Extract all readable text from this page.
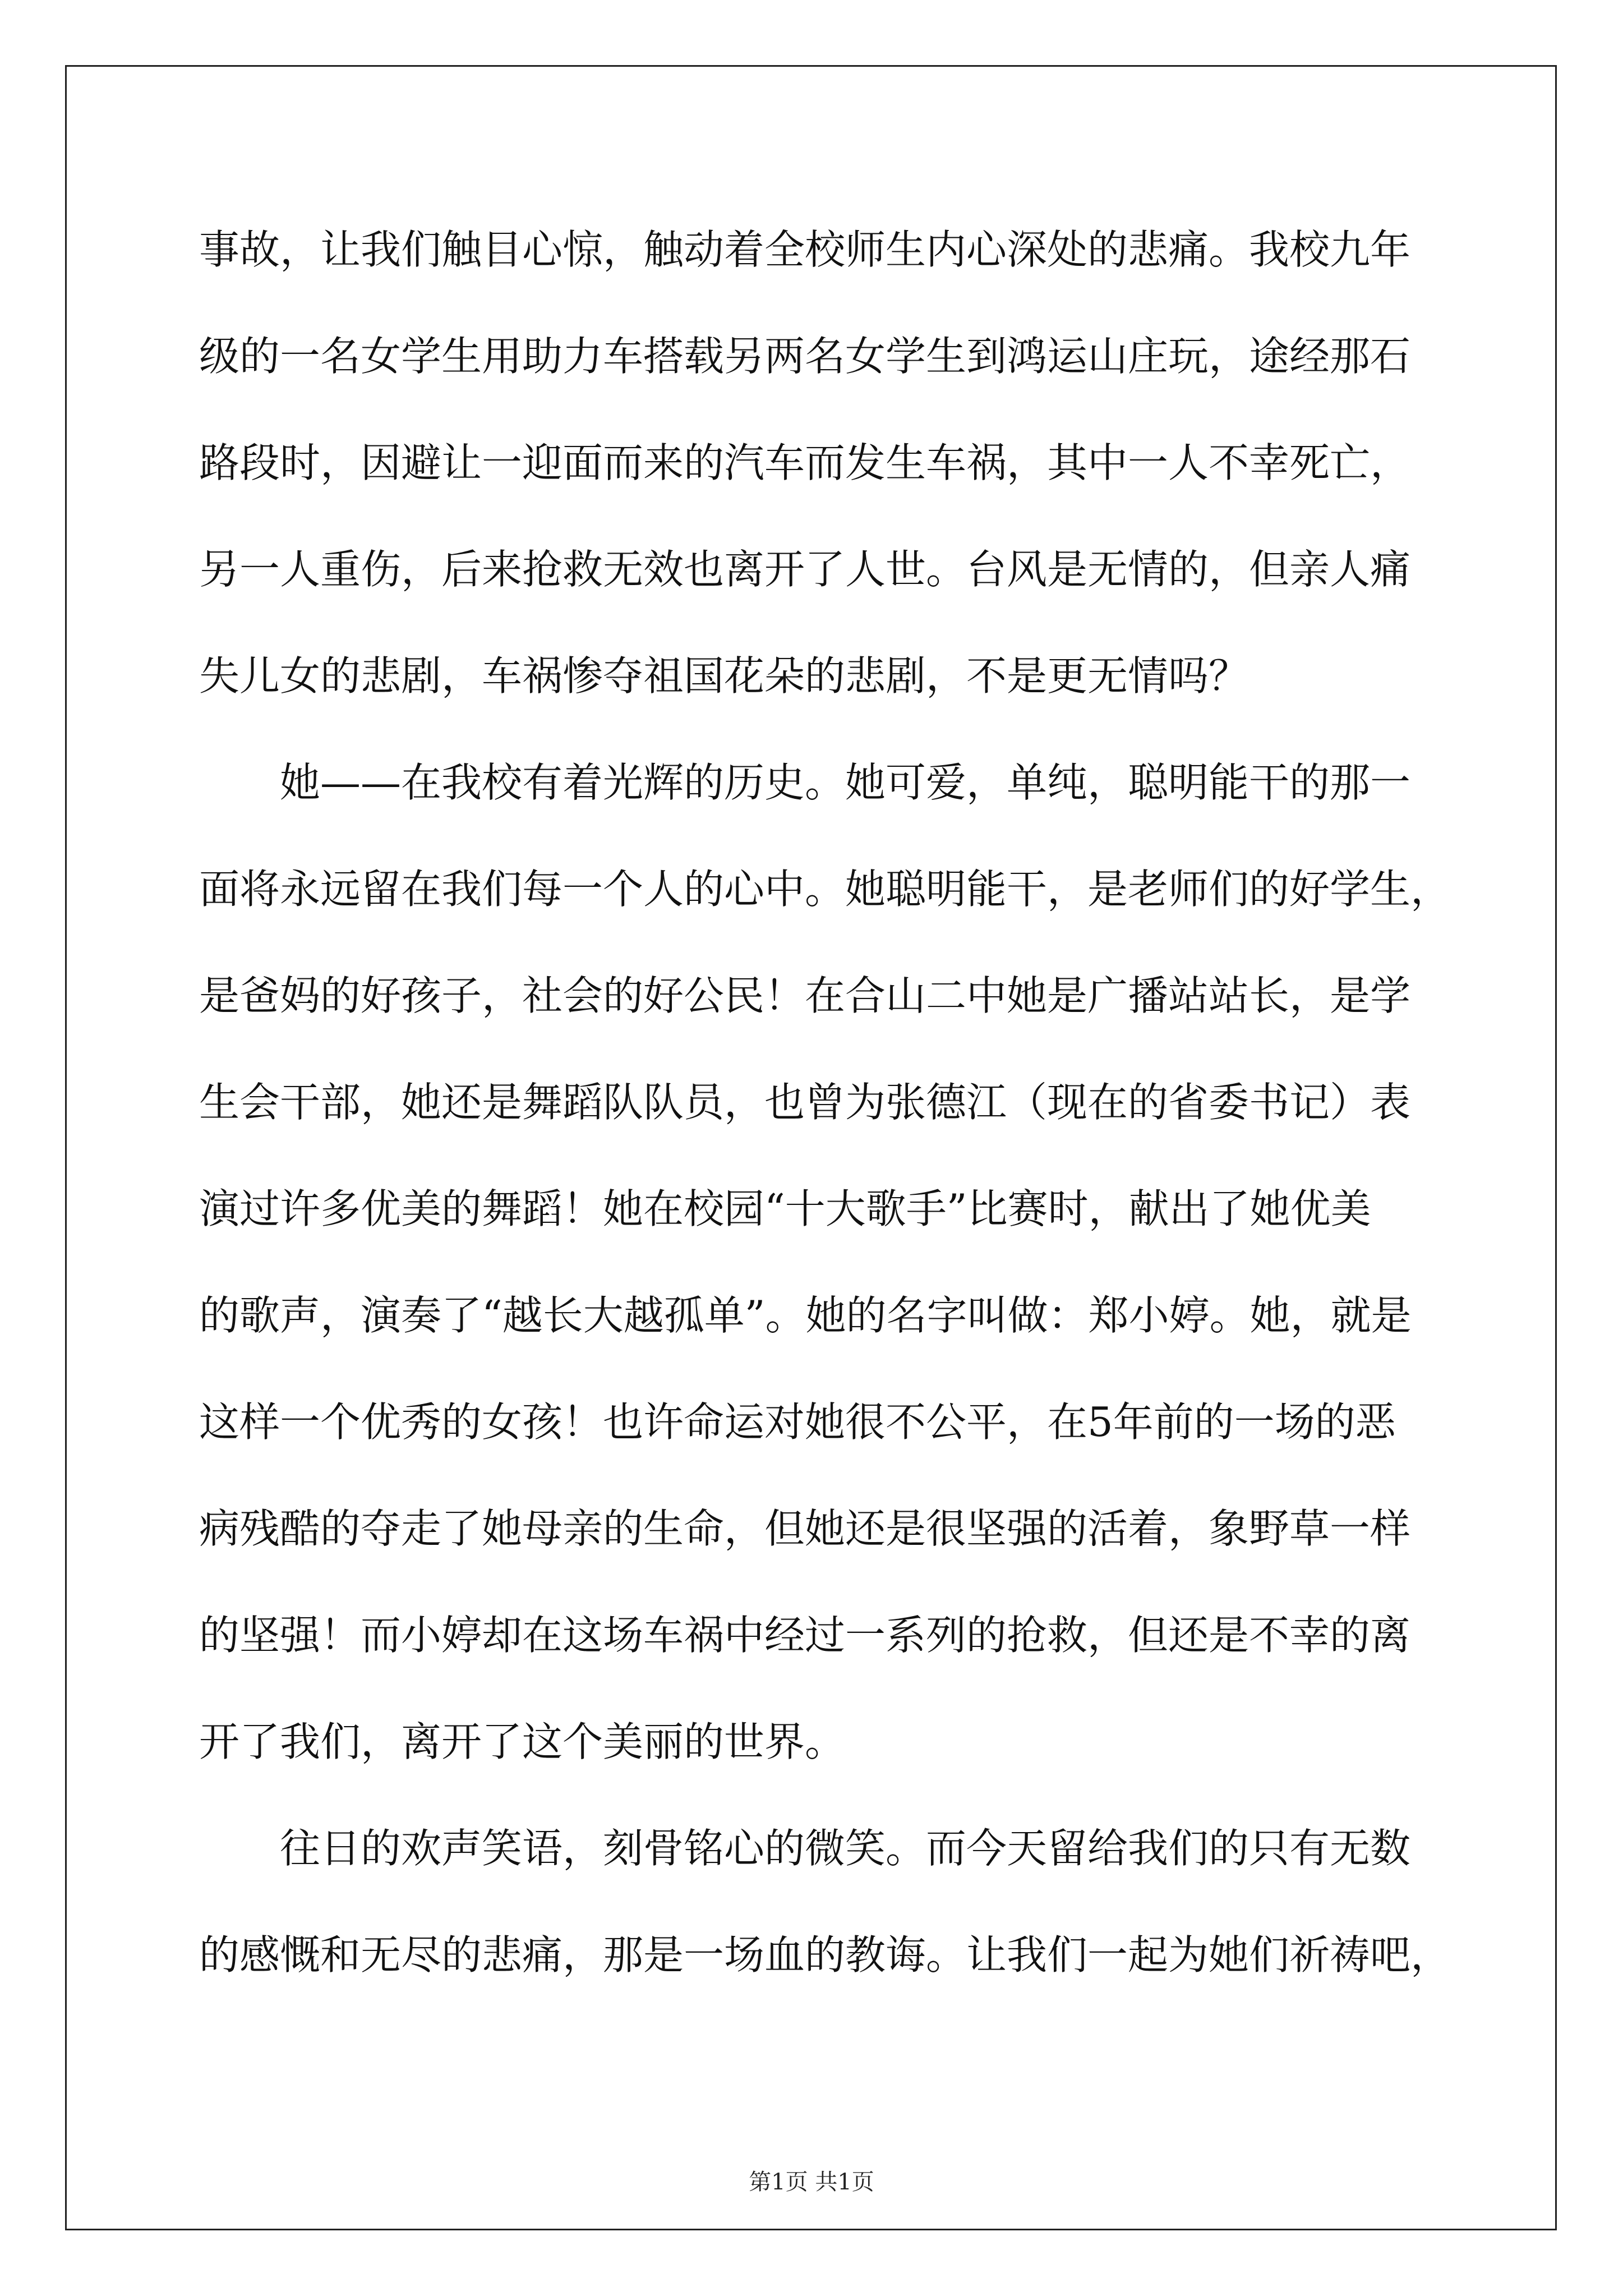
事故，让我们触目心惊，触动着全校师生内心深处的悲痛。我校九年
级的一名女学生用助力车搭载另两名女学生到鸿运山庄玩，途经那石
路段时，因避让一迎面而来的汽车而发生车祸，其中一人不幸死亡，
另一人重伤，后来抢救无效也离开了人世。台风是无情的，但亲人痛
失儿女的悲剧，车祸惨夺祖国花朵的悲剧，不是更无情吗？

她——在我校有着光辉的历史。她可爱，单纯，聪明能干的那一
面将永远留在我们每一个人的心中。她聪明能干，是老师们的好学生，
是爸妈的好孩子，社会的好公民！在合山二中她是广播站站长，是学
生会干部，她还是舞蹈队队员，也曾为张德江（现在的省委书记）表
演过许多优美的舞蹈！她在校园“十大歌手”比赛时，献出了她优美
的歌声，演奏了“越长大越孤单”。她的名字叫做：郑小婷。她，就是
这样一个优秀的女孩！也许命运对她很不公平，在5年前的一场的恶
病残酷的夺走了她母亲的生命，但她还是很坚强的活着，象野草一样
的坚强！而小婷却在这场车祸中经过一系列的抢救，但还是不幸的离
开了我们，离开了这个美丽的世界。

往日的欢声笑语，刻骨铭心的微笑。而今天留给我们的只有无数
的感慨和无尽的悲痛，那是一场血的教诲。让我们一起为她们祈祷吧，

第1页 共1页
